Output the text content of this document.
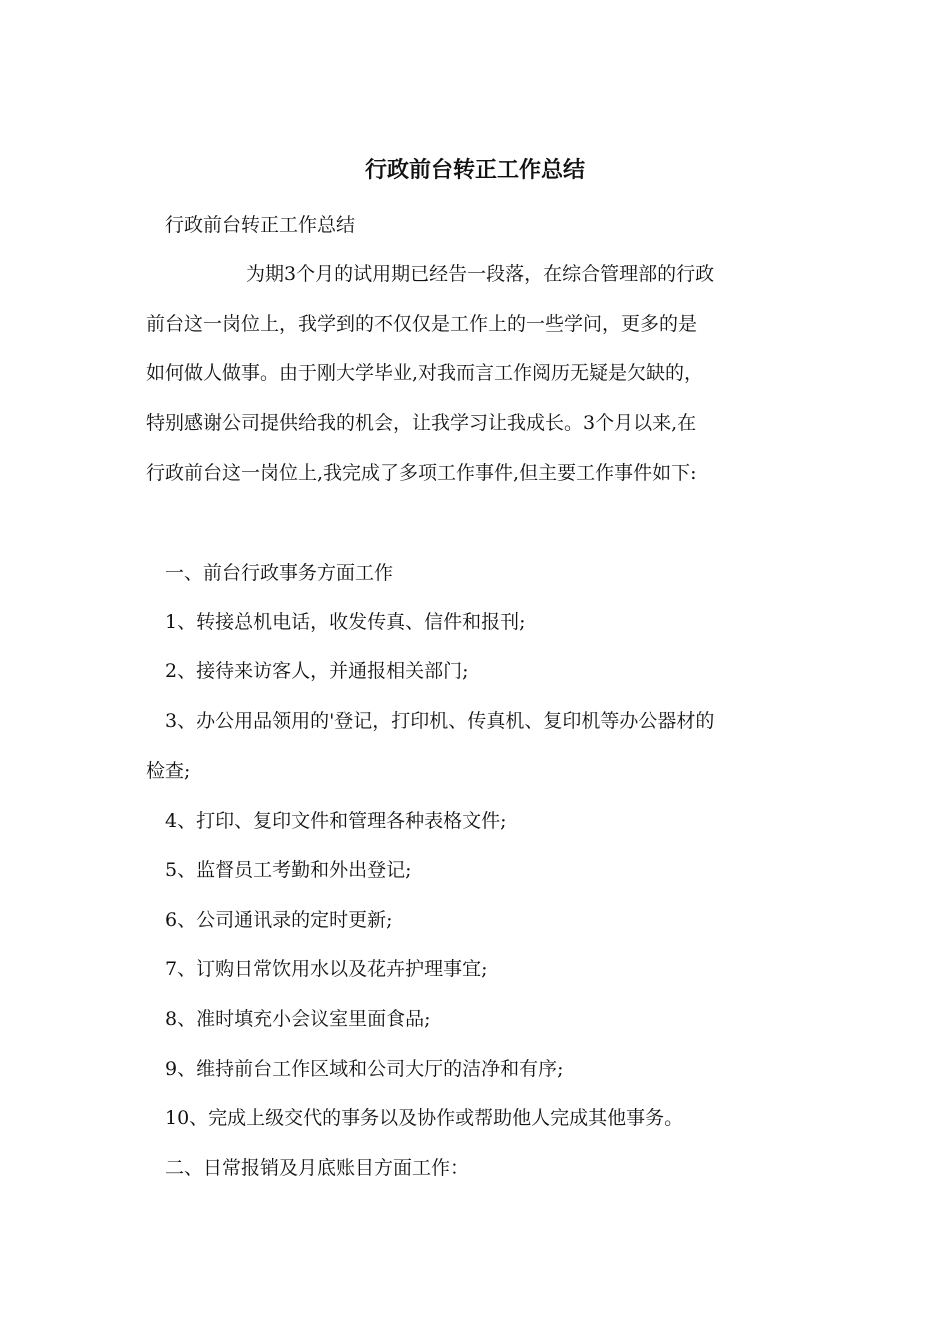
行政前台转正工作总结
行政前台转正工作总结
为期3个月的试用期已经告一段落，在综合管理部的行政
前台这一岗位上，我学到的不仅仅是工作上的一些学问，更多的是
如何做人做事。由于刚大学毕业,对我而言工作阅历无疑是欠缺的，
特别感谢公司提供给我的机会，让我学习让我成长。3个月以来,在
行政前台这一岗位上,我完成了多项工作事件,但主要工作事件如下:
一、前台行政事务方面工作
1、转接总机电话，收发传真、信件和报刊;
2、接待来访客人，并通报相关部门;
3、办公用品领用的'登记，打印机、传真机、复印机等办公器材的
检查;
4、打印、复印文件和管理各种表格文件;
5、监督员工考勤和外出登记;
6、公司通讯录的定时更新;
7、订购日常饮用水以及花卉护理事宜;
8、准时填充小会议室里面食品;
9、维持前台工作区域和公司大厅的洁净和有序;
10、完成上级交代的事务以及协作或帮助他人完成其他事务。
二、日常报销及月底账目方面工作：
